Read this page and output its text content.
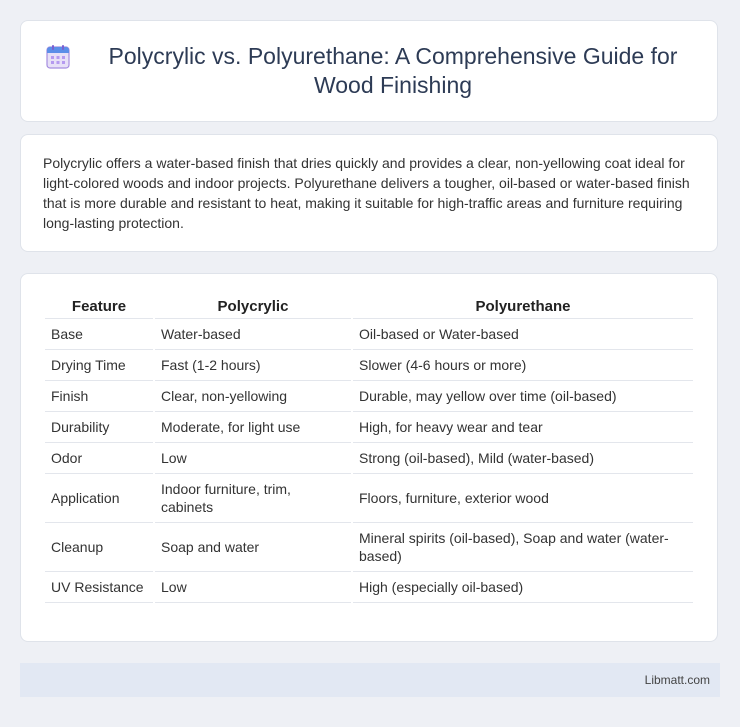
Polycrylic vs. Polyurethane: A Comprehensive Guide for Wood Finishing

Polycrylic offers a water-based finish that dries quickly and provides a clear, non-yellowing coat ideal for light-colored woods and indoor projects. Polyurethane delivers a tougher, oil-based or water-based finish that is more durable and resistant to heat, making it suitable for high-traffic areas and furniture requiring long-lasting protection.

Feature	Polycrylic	Polyurethane
Base	Water-based	Oil-based or Water-based
Drying Time	Fast (1-2 hours)	Slower (4-6 hours or more)
Finish	Clear, non-yellowing	Durable, may yellow over time (oil-based)
Durability	Moderate, for light use	High, for heavy wear and tear
Odor	Low	Strong (oil-based), Mild (water-based)
Application	Indoor furniture, trim, cabinets	Floors, furniture, exterior wood
Cleanup	Soap and water	Mineral spirits (oil-based), Soap and water (water-based)
UV Resistance	Low	High (especially oil-based)
Libmatt.com
